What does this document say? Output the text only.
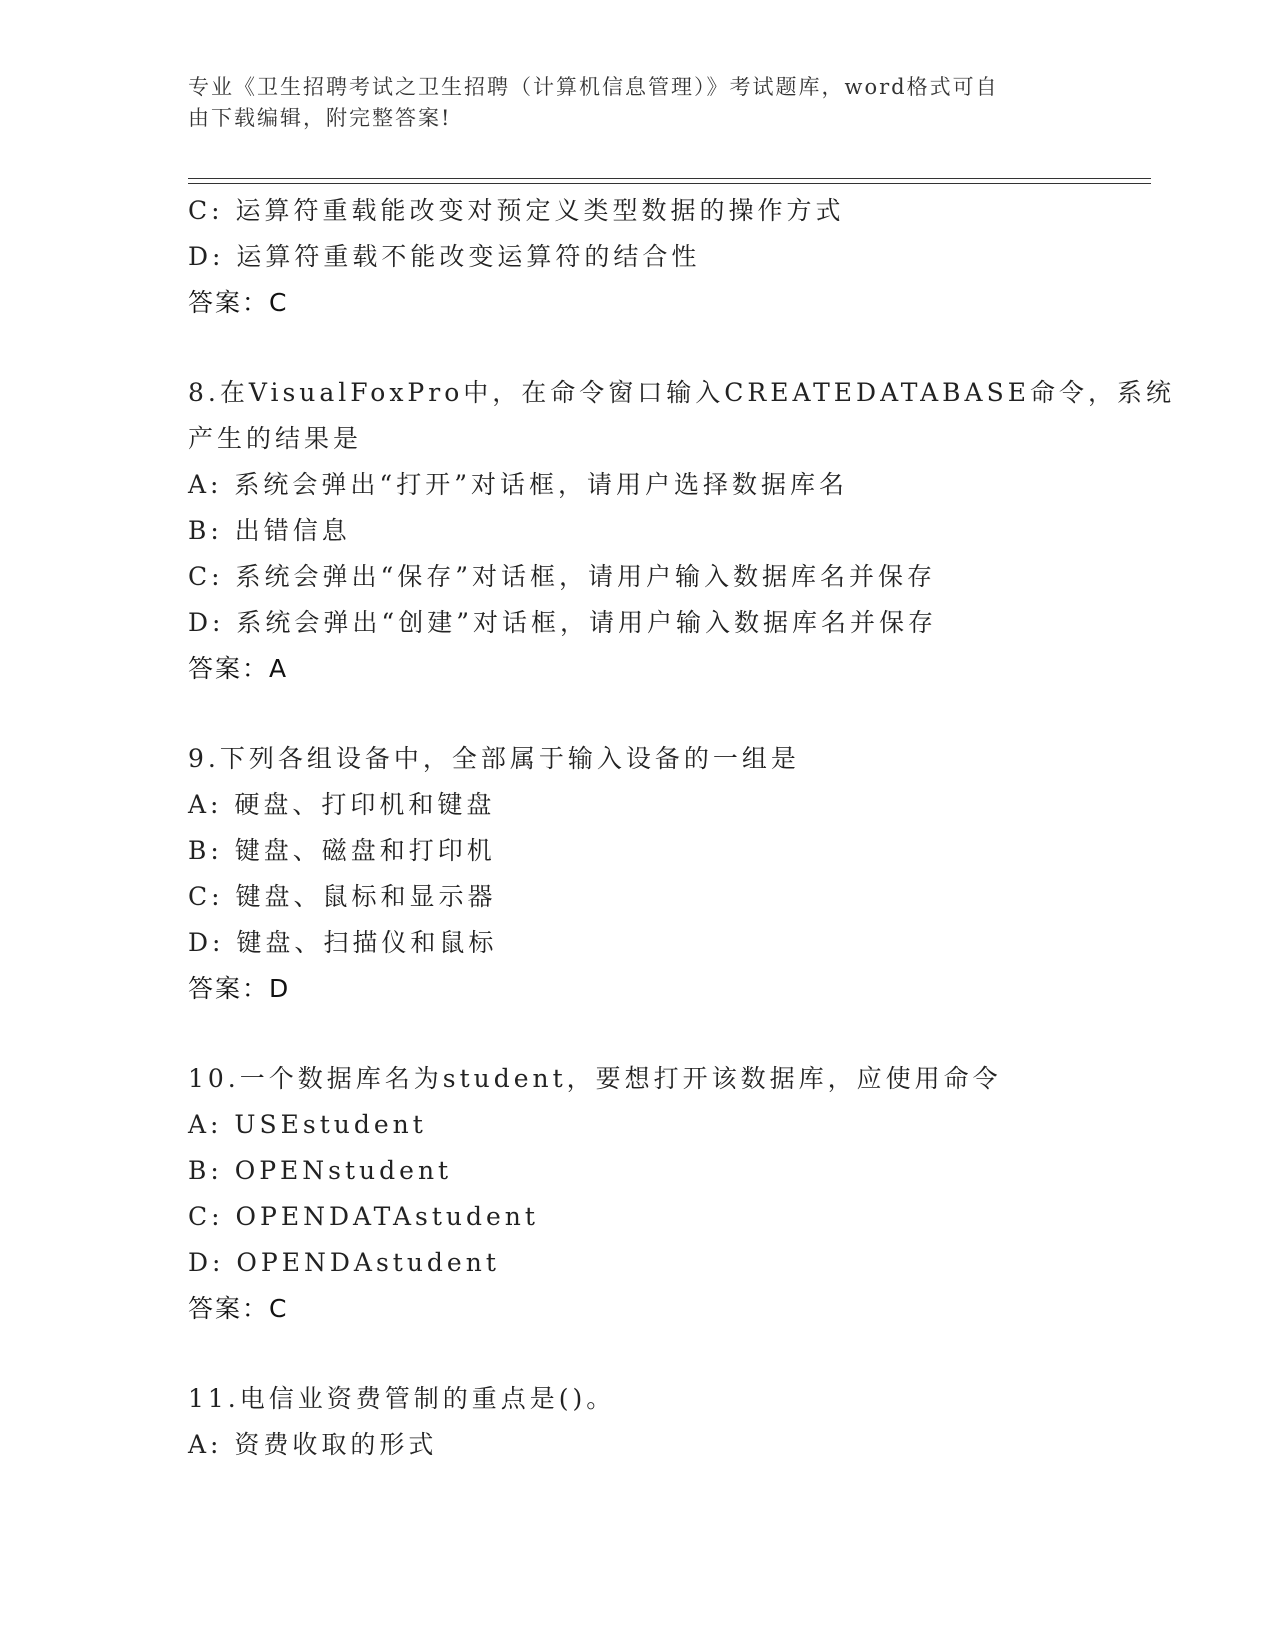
专业《卫生招聘考试之卫生招聘（计算机信息管理）》考试题库，word格式可自
由下载编辑，附完整答案!
C: 运算符重载能改变对预定义类型数据的操作方式
D: 运算符重载不能改变运算符的结合性
答案：C
8.在VisualFoxPro中，在命令窗口输入CREATEDATABASE命令，系统
产生的结果是
A: 系统会弹出“打开”对话框，请用户选择数据库名
B: 出错信息
C: 系统会弹出“保存”对话框，请用户输入数据库名并保存
D: 系统会弹出“创建”对话框，请用户输入数据库名并保存
答案：A
9.下列各组设备中，全部属于输入设备的一组是
A: 硬盘、打印机和键盘
B: 键盘、磁盘和打印机
C: 键盘、鼠标和显示器
D: 键盘、扫描仪和鼠标
答案：D
10.一个数据库名为student，要想打开该数据库，应使用命令
A: USEstudent
B: OPENstudent
C: OPENDATAstudent
D: OPENDAstudent
答案：C
11.电信业资费管制的重点是()。
A: 资费收取的形式
